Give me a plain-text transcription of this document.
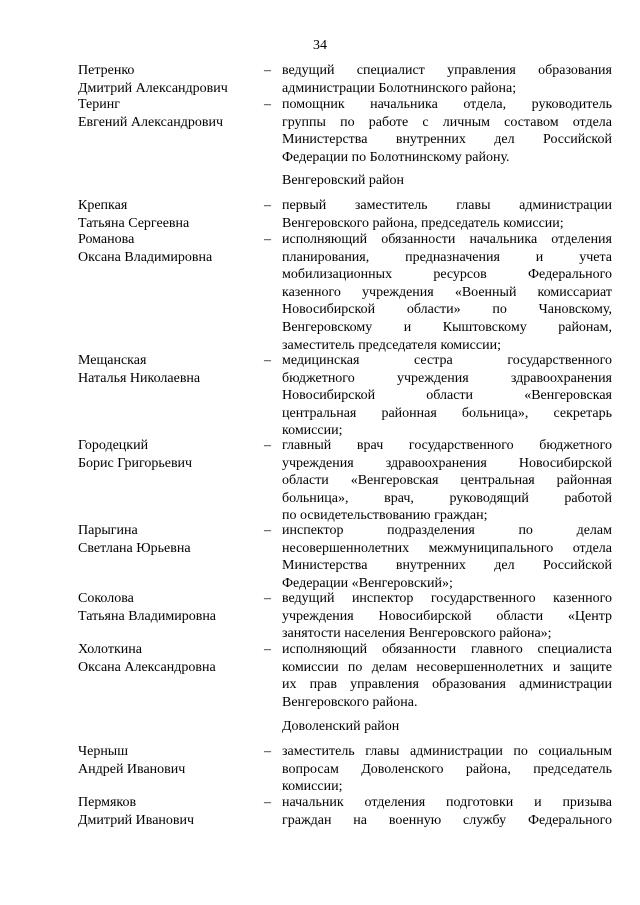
34
Венгеровский район
Доволенский район
Петренко
Дмитрий Александрович
– ведущий специалист управления образования
администрации Болотнинского района;
Теринг
Евгений Александрович
– помощник начальника отдела, руководитель
группы по работе с личным составом отдела
Министерства внутренних дел Российской
Федерации по Болотнинскому району.
Крепкая
Татьяна Сергеевна
– первый заместитель главы администрации
Венгеровского района, председатель комиссии;
Романова
Оксана Владимировна
– исполняющий обязанности начальника отделения
планирования, предназначения и учета
мобилизационных ресурсов Федерального
казенного учреждения «Военный комиссариат
Новосибирской области» по Чановскому,
Венгеровскому и Кыштовскому районам,
заместитель председателя комиссии;
Мещанская
Наталья Николаевна
– медицинская сестра государственного
бюджетного учреждения здравоохранения
Новосибирской области «Венгеровская
центральная районная больница», секретарь
комиссии;
Городецкий
Борис Григорьевич
– главный врач государственного бюджетного
учреждения здравоохранения Новосибирской
области «Венгеровская центральная районная
больница», врач, руководящий работой
по освидетельствованию граждан;
Парыгина
Светлана Юрьевна
– инспектор подразделения по делам
несовершеннолетних межмуниципального отдела
Министерства внутренних дел Российской
Федерации «Венгеровский»;
Соколова
Татьяна Владимировна
– ведущий инспектор государственного казенного
учреждения Новосибирской области «Центр
занятости населения Венгеровского района»;
Холоткина
Оксана Александровна
– исполняющий обязанности главного специалиста
комиссии по делам несовершеннолетних и защите
их прав управления образования администрации
Венгеровского района.
Черныш
Андрей Иванович
– заместитель главы администрации по социальным
вопросам Доволенского района, председатель
комиссии;
Пермяков
Дмитрий Иванович
– начальник отделения подготовки и призыва
граждан на военную службу Федерального
